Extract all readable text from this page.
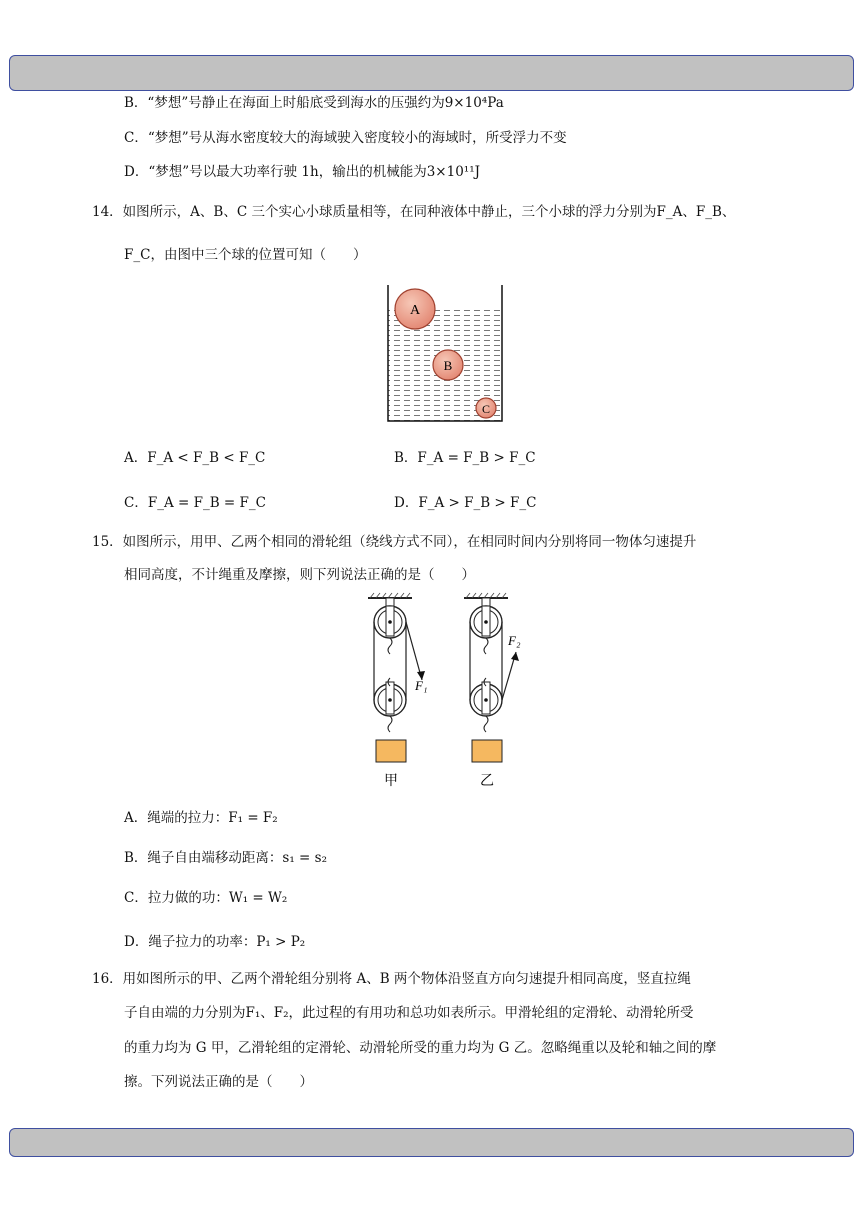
B．“梦想”号静止在海面上时船底受到海水的压强约为9×10⁴Pa
C．“梦想”号从海水密度较大的海域驶入密度较小的海域时，所受浮力不变
D．“梦想”号以最大功率行驶 1h，输出的机械能为3×10¹¹J
14．如图所示，A、B、C 三个实心小球质量相等，在同种液体中静止，三个小球的浮力分别为F_A、F_B、
F_C，由图中三个球的位置可知（　　）
A
B
C
A．F_A < F_B < F_C	B．F_A = F_B > F_C
C．F_A = F_B = F_C	D．F_A > F_B > F_C
15．如图所示，用甲、乙两个相同的滑轮组（绕线方式不同），在相同时间内分别将同一物体匀速提升
相同高度，不计绳重及摩擦，则下列说法正确的是（　　）
F₁
甲
F₂
乙
A．绳端的拉力：F₁ = F₂
B．绳子自由端移动距离：s₁ = s₂
C．拉力做的功：W₁ = W₂
D．绳子拉力的功率：P₁ > P₂
16．用如图所示的甲、乙两个滑轮组分别将 A、B 两个物体沿竖直方向匀速提升相同高度，竖直拉绳
子自由端的力分别为F₁、F₂，此过程的有用功和总功如表所示。甲滑轮组的定滑轮、动滑轮所受
的重力均为 G 甲，乙滑轮组的定滑轮、动滑轮所受的重力均为 G 乙。忽略绳重以及轮和轴之间的摩
擦。下列说法正确的是（　　）
